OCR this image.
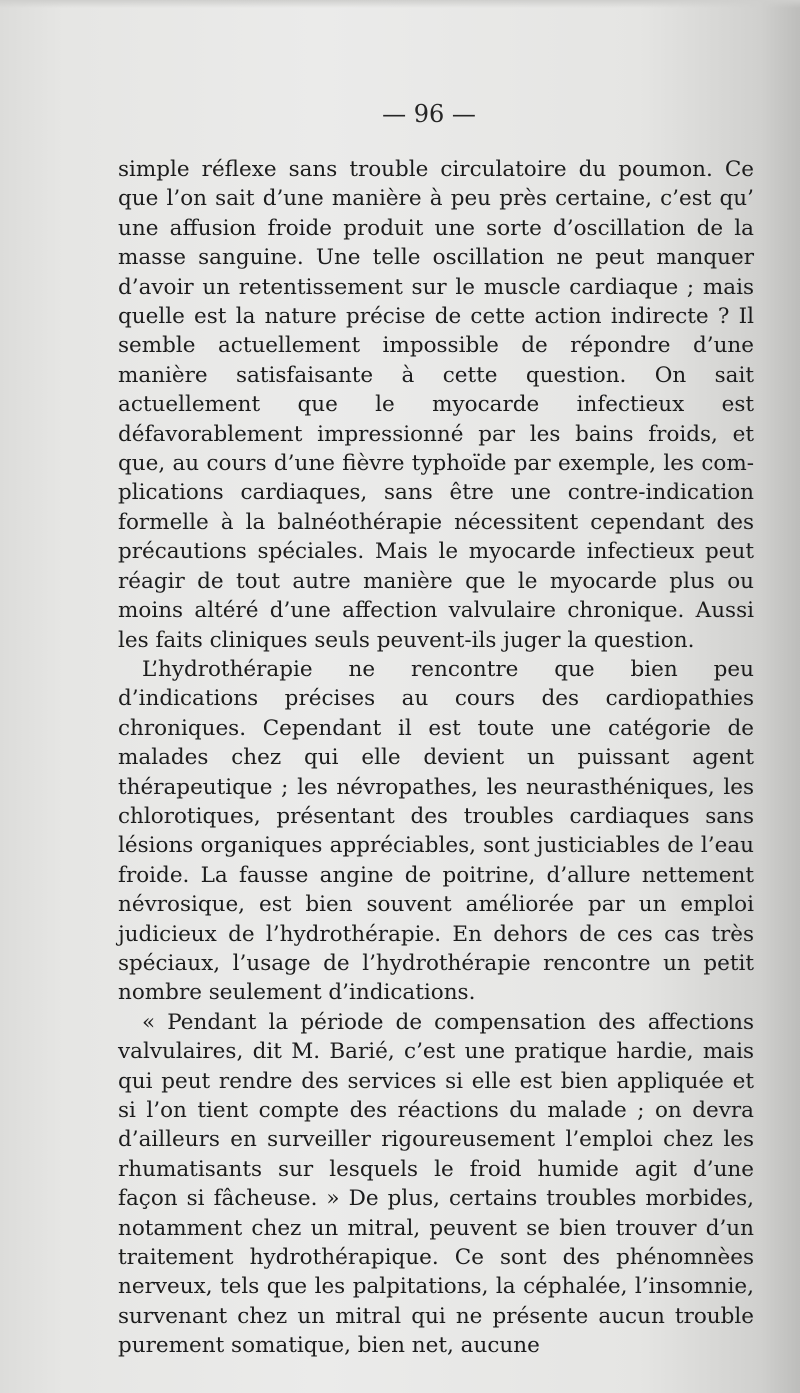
— 96 —

simple réflexe sans trouble circulatoire du poumon. Ce que l’on sait d’une manière à peu près certaine, c’est qu’ une affusion froide produit une sorte d’oscillation de la masse sanguine. Une telle oscillation ne peut manquer d’avoir un retentissement sur le muscle cardiaque ; mais quelle est la nature précise de cette action indirecte ? Il semble actuellement impossible de répondre d’une manière satisfaisante à cette question. On sait actuellement que le myocarde infectieux est défavorablement impressionné par les bains froids, et que, au cours d’une fièvre typhoïde par exemple, les complications cardiaques, sans être une contre-indication formelle à la balnéothérapie nécessitent cependant des précautions spéciales. Mais le myocarde infectieux peut réagir de tout autre manière que le myocarde plus ou moins altéré d’une affection valvulaire chronique. Aussi les faits cliniques seuls peuvent-ils juger la question.

L’hydrothérapie ne rencontre que bien peu d’indications précises au cours des cardiopathies chroniques. Cependant il est toute une catégorie de malades chez qui elle devient un puissant agent thérapeutique ; les névropathes, les neurasthéniques, les chlorotiques, présentant des troubles cardiaques sans lésions organiques appréciables, sont justiciables de l’eau froide. La fausse angine de poitrine, d’allure nettement névrosique, est bien souvent améliorée par un emploi judicieux de l’hydrothérapie. En dehors de ces cas très spéciaux, l’usage de l’hydrothérapie rencontre un petit nombre seulement d’indications.

« Pendant la période de compensation des affections valvulaires, dit M. Barié, c’est une pratique hardie, mais qui peut rendre des services si elle est bien appliquée et si l’on tient compte des réactions du malade ; on devra d’ailleurs en surveiller rigoureusement l’emploi chez les rhumatisants sur lesquels le froid humide agit d’une façon si fâcheuse. » De plus, certains troubles morbides, notamment chez un mitral, peuvent se bien trouver d’un traitement hydrothérapique. Ce sont des phénomnèes nerveux, tels que les palpitations, la céphalée, l’insomnie, survenant chez un mitral qui ne présente aucun trouble purement somatique, bien net, aucune
